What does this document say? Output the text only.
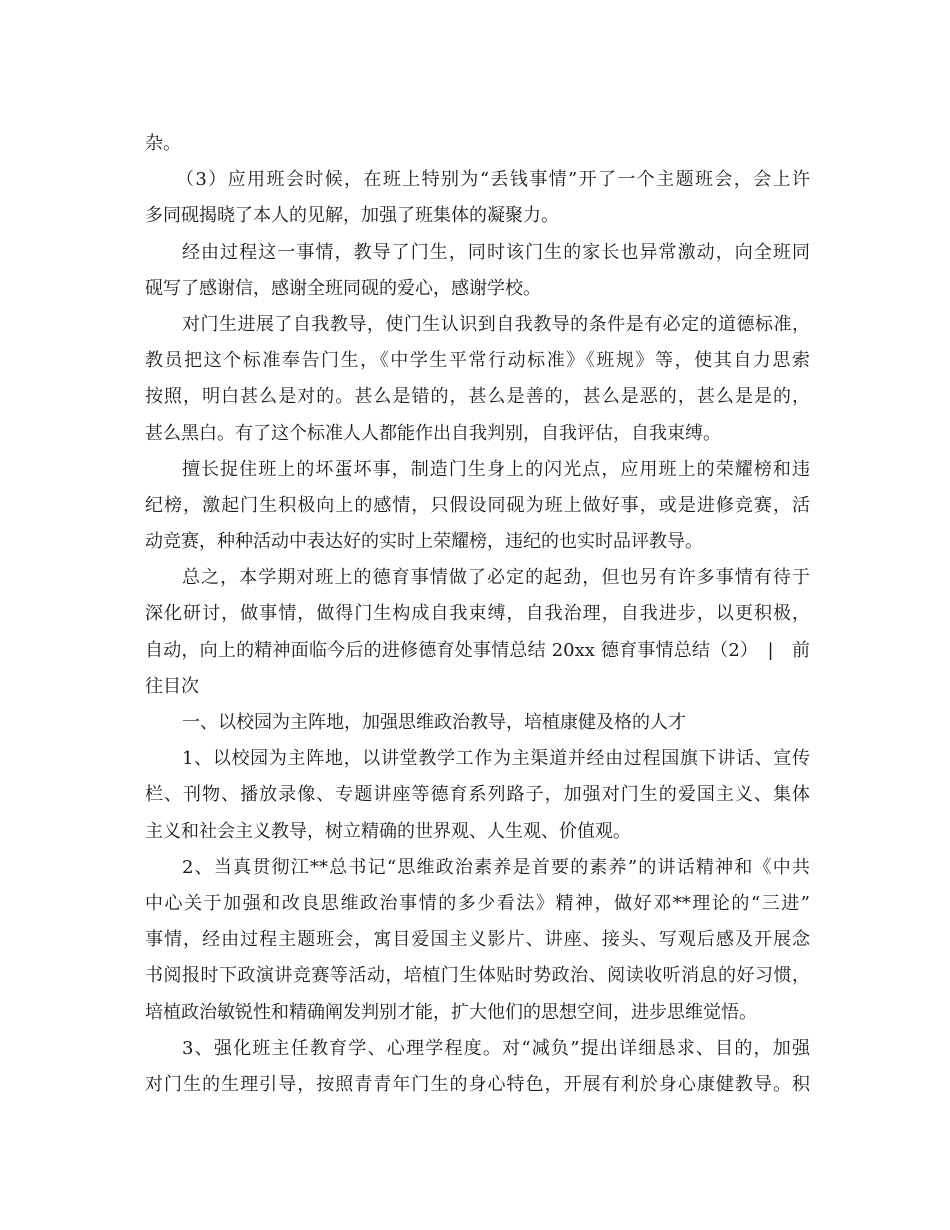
杂。
（3）应用班会时候，在班上特别为“丢钱事情”开了一个主题班会，会上许
多同砚揭晓了本人的见解，加强了班集体的凝聚力。
经由过程这一事情，教导了门生，同时该门生的家长也异常激动，向全班同
砚写了感谢信，感谢全班同砚的爱心，感谢学校。
对门生进展了自我教导，使门生认识到自我教导的条件是有必定的道德标准，
教员把这个标准奉告门生，《中学生平常行动标准》《班规》等，使其自力思索
按照，明白甚么是对的。甚么是错的，甚么是善的，甚么是恶的，甚么是是的，
甚么黑白。有了这个标准人人都能作出自我判别，自我评估，自我束缚。
擅长捉住班上的坏蛋坏事，制造门生身上的闪光点，应用班上的荣耀榜和违
纪榜，激起门生积极向上的感情，只假设同砚为班上做好事，或是进修竞赛，活
动竞赛，种种活动中表达好的实时上荣耀榜，违纪的也实时品评教导。
总之，本学期对班上的德育事情做了必定的起劲，但也另有许多事情有待于
深化研讨，做事情，做得门生构成自我束缚，自我治理，自我进步，以更积极，
自动，向上的精神面临今后的进修德育处事情总结 20xx 德育事情总结（2）　|　前
往目次
一、以校园为主阵地，加强思维政治教导，培植康健及格的人才
1、以校园为主阵地，以讲堂教学工作为主渠道并经由过程国旗下讲话、宣传
栏、刊物、播放录像、专题讲座等德育系列路子，加强对门生的爱国主义、集体
主义和社会主义教导，树立精确的世界观、人生观、价值观。
2、当真贯彻江**总书记“思维政治素养是首要的素养”的讲话精神和《中共
中心关于加强和改良思维政治事情的多少看法》精神，做好邓**理论的“三进”
事情，经由过程主题班会，寓目爱国主义影片、讲座、接头、写观后感及开展念
书阅报时下政演讲竞赛等活动，培植门生体贴时势政治、阅读收听消息的好习惯，
培植政治敏锐性和精确阐发判别才能，扩大他们的思想空间，进步思维觉悟。
3、强化班主任教育学、心理学程度。对“减负”提出详细恳求、目的，加强
对门生的生理引导，按照青青年门生的身心特色，开展有利於身心康健教导。积
